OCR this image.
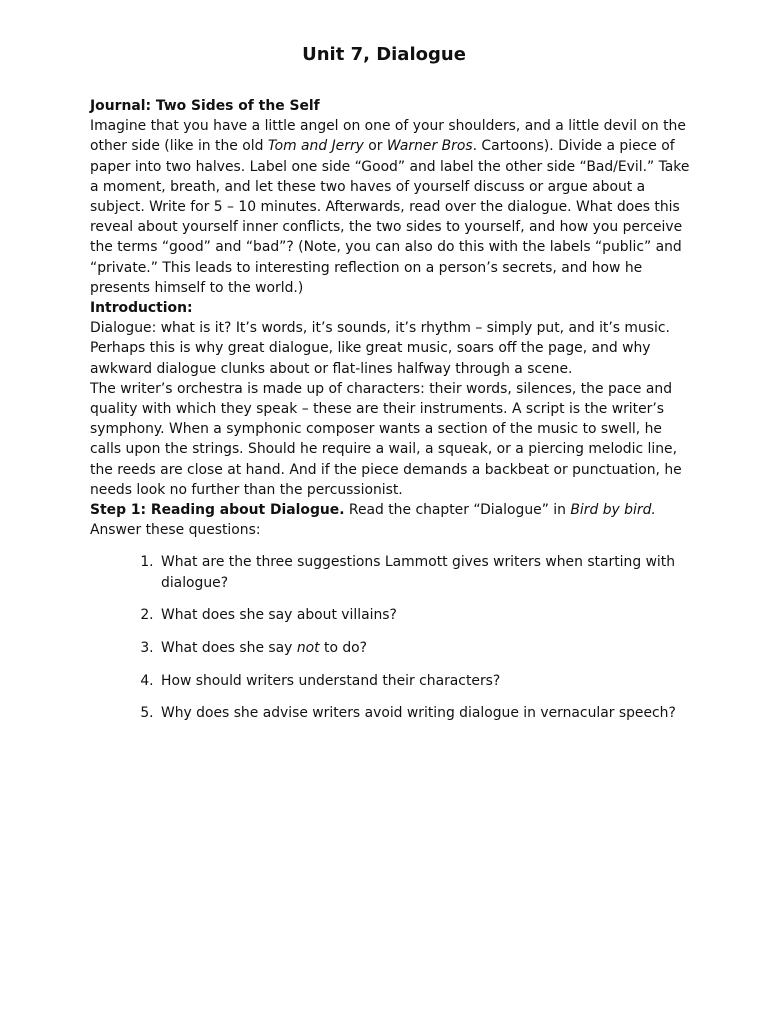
Unit 7, Dialogue

Journal: Two Sides of the Self

Imagine that you have a little angel on one of your shoulders, and a little devil on the other side (like in the old Tom and Jerry or Warner Bros. Cartoons). Divide a piece of paper into two halves. Label one side “Good” and label the other side “Bad/Evil.” Take a moment, breath, and let these two haves of yourself discuss or argue about a subject. Write for 5 – 10 minutes. Afterwards, read over the dialogue. What does this reveal about yourself inner conflicts, the two sides to yourself, and how you perceive the terms “good” and “bad”? (Note, you can also do this with the labels “public” and “private.” This leads to interesting reflection on a person’s secrets, and how he presents himself to the world.)

Introduction:

Dialogue: what is it? It’s words, it’s sounds, it’s rhythm – simply put, and it’s music. Perhaps this is why great dialogue, like great music, soars off the page, and why awkward dialogue clunks about or flat-lines halfway through a scene.

The writer’s orchestra is made up of characters: their words, silences, the pace and quality with which they speak – these are their instruments. A script is the writer’s symphony. When a symphonic composer wants a section of the music to swell, he calls upon the strings. Should he require a wail, a squeak, or a piercing melodic line, the reeds are close at hand. And if the piece demands a backbeat or punctuation, he needs look no further than the percussionist.

Step 1: Reading about Dialogue. Read the chapter “Dialogue” in Bird by bird. Answer these questions:

1. What are the three suggestions Lammott gives writers when starting with dialogue?
2. What does she say about villains?
3. What does she say not to do?
4. How should writers understand their characters?
5. Why does she advise writers avoid writing dialogue in vernacular speech?
